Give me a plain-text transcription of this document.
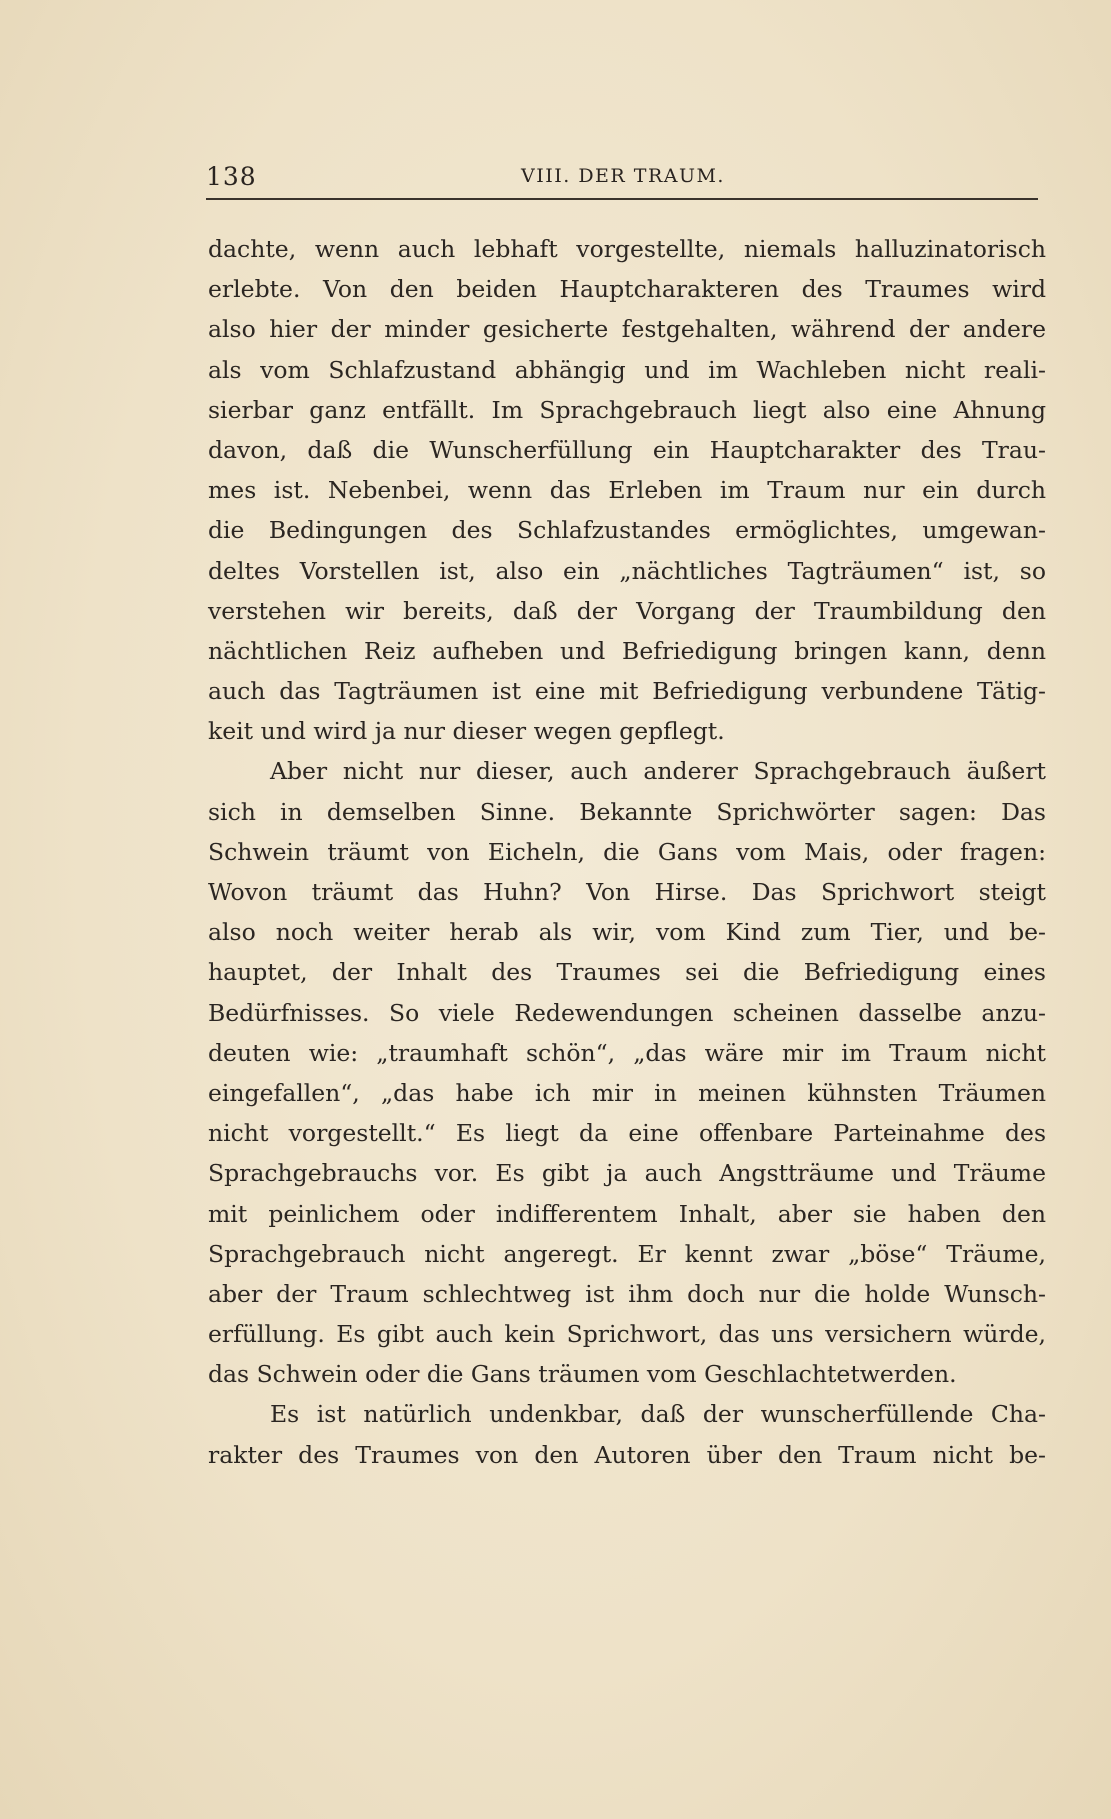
138	VIII. DER TRAUM.
dachte, wenn auch lebhaft vorgestellte, niemals halluzinatorisch
erlebte. Von den beiden Hauptcharakteren des Traumes wird
also hier der minder gesicherte festgehalten, während der andere
als vom Schlafzustand abhängig und im Wachleben nicht reali-
sierbar ganz entfällt. Im Sprachgebrauch liegt also eine Ahnung
davon, daß die Wunscherfüllung ein Hauptcharakter des Trau-
mes ist. Nebenbei, wenn das Erleben im Traum nur ein durch
die Bedingungen des Schlafzustandes ermöglichtes, umgewan-
deltes Vorstellen ist, also ein „nächtliches Tagträumen“ ist, so
verstehen wir bereits, daß der Vorgang der Traumbildung den
nächtlichen Reiz aufheben und Befriedigung bringen kann, denn
auch das Tagträumen ist eine mit Befriedigung verbundene Tätig-
keit und wird ja nur dieser wegen gepflegt.
Aber nicht nur dieser, auch anderer Sprachgebrauch äußert
sich in demselben Sinne. Bekannte Sprichwörter sagen: Das
Schwein träumt von Eicheln, die Gans vom Mais, oder fragen:
Wovon träumt das Huhn? Von Hirse. Das Sprichwort steigt
also noch weiter herab als wir, vom Kind zum Tier, und be-
hauptet, der Inhalt des Traumes sei die Befriedigung eines
Bedürfnisses. So viele Redewendungen scheinen dasselbe anzu-
deuten wie: „traumhaft schön“, „das wäre mir im Traum nicht
eingefallen“, „das habe ich mir in meinen kühnsten Träumen
nicht vorgestellt.“ Es liegt da eine offenbare Parteinahme des
Sprachgebrauchs vor. Es gibt ja auch Angstträume und Träume
mit peinlichem oder indifferentem Inhalt, aber sie haben den
Sprachgebrauch nicht angeregt. Er kennt zwar „böse“ Träume,
aber der Traum schlechtweg ist ihm doch nur die holde Wunsch-
erfüllung. Es gibt auch kein Sprichwort, das uns versichern würde,
das Schwein oder die Gans träumen vom Geschlachtetwerden.
Es ist natürlich undenkbar, daß der wunscherfüllende Cha-
rakter des Traumes von den Autoren über den Traum nicht be-
